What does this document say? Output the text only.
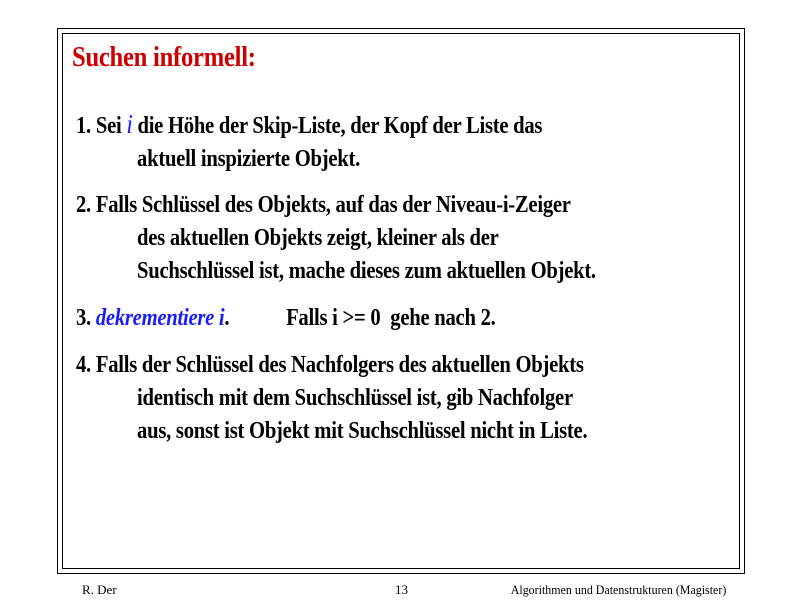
Suchen informell:
1. Sei i die Höhe der Skip-Liste, der Kopf der Liste das
aktuell inspizierte Objekt.
2. Falls Schlüssel des Objekts, auf das der Niveau-i-Zeiger
des aktuellen Objekts zeigt, kleiner als der
Suchschlüssel ist, mache dieses zum aktuellen Objekt.
3. dekrementiere i. Falls i >= 0  gehe nach 2.
4. Falls der Schlüssel des Nachfolgers des aktuellen Objekts
identisch mit dem Suchschlüssel ist, gib Nachfolger
aus, sonst ist Objekt mit Suchschlüssel nicht in Liste.
R. Der	13	Algorithmen und Datenstrukturen (Magister)
